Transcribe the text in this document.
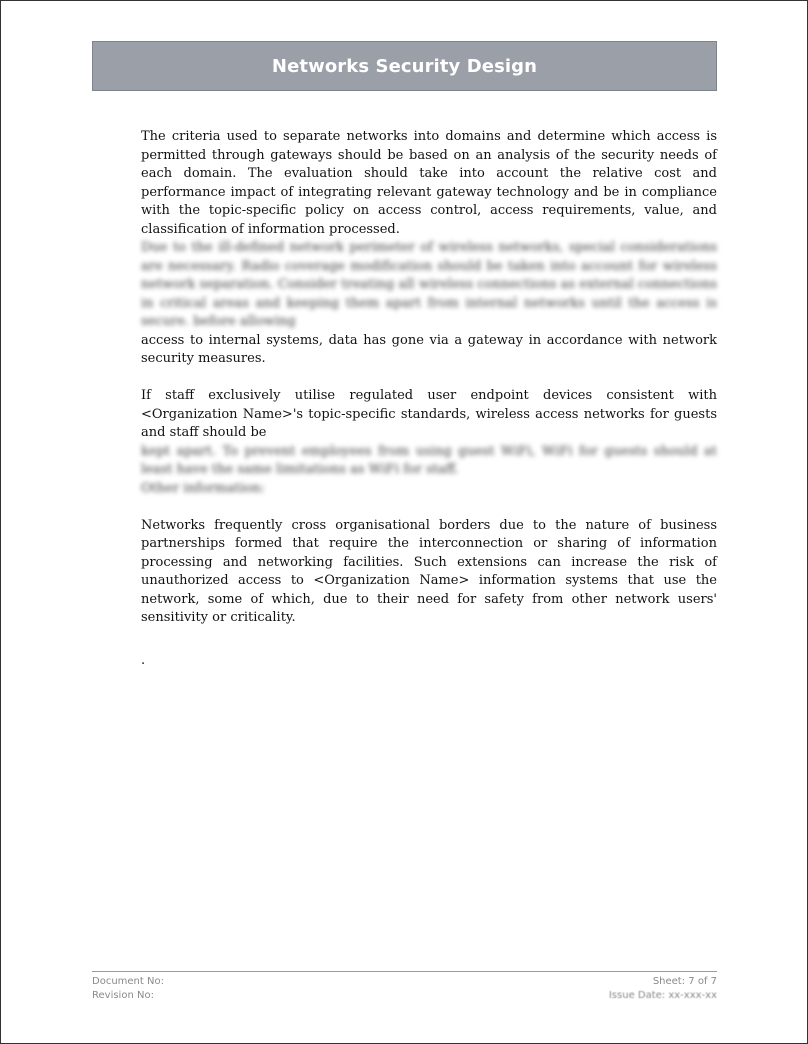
Networks Security Design

The criteria used to separate networks into domains and determine which access is permitted through gateways should be based on an analysis of the security needs of each domain. The evaluation should take into account the relative cost and performance impact of integrating relevant gateway technology and be in compliance with the topic-specific policy on access control, access requirements, value, and classification of information processed.

Due to the ill-defined network perimeter of wireless networks, special considerations are necessary. Radio coverage modification should be taken into account for wireless network separation. Consider treating all wireless connections as external connections in critical areas and keeping them apart from internal networks until the access is secure. before allowing

access to internal systems, data has gone via a gateway in accordance with network security measures.

If staff exclusively utilise regulated user endpoint devices consistent with <Organization Name>'s topic-specific standards, wireless access networks for guests and staff should be

kept apart. To prevent employees from using guest WiFi, WiFi for guests should at least have the same limitations as WiFi for staff.
Other information:

Networks frequently cross organisational borders due to the nature of business partnerships formed that require the interconnection or sharing of information processing and networking facilities. Such extensions can increase the risk of unauthorized access to <Organization Name> information systems that use the network, some of which, due to their need for safety from other network users' sensitivity or criticality.

.
Document No:	Sheet: 7 of 7
Revision No:	Issue Date: xx-xxx-xx
